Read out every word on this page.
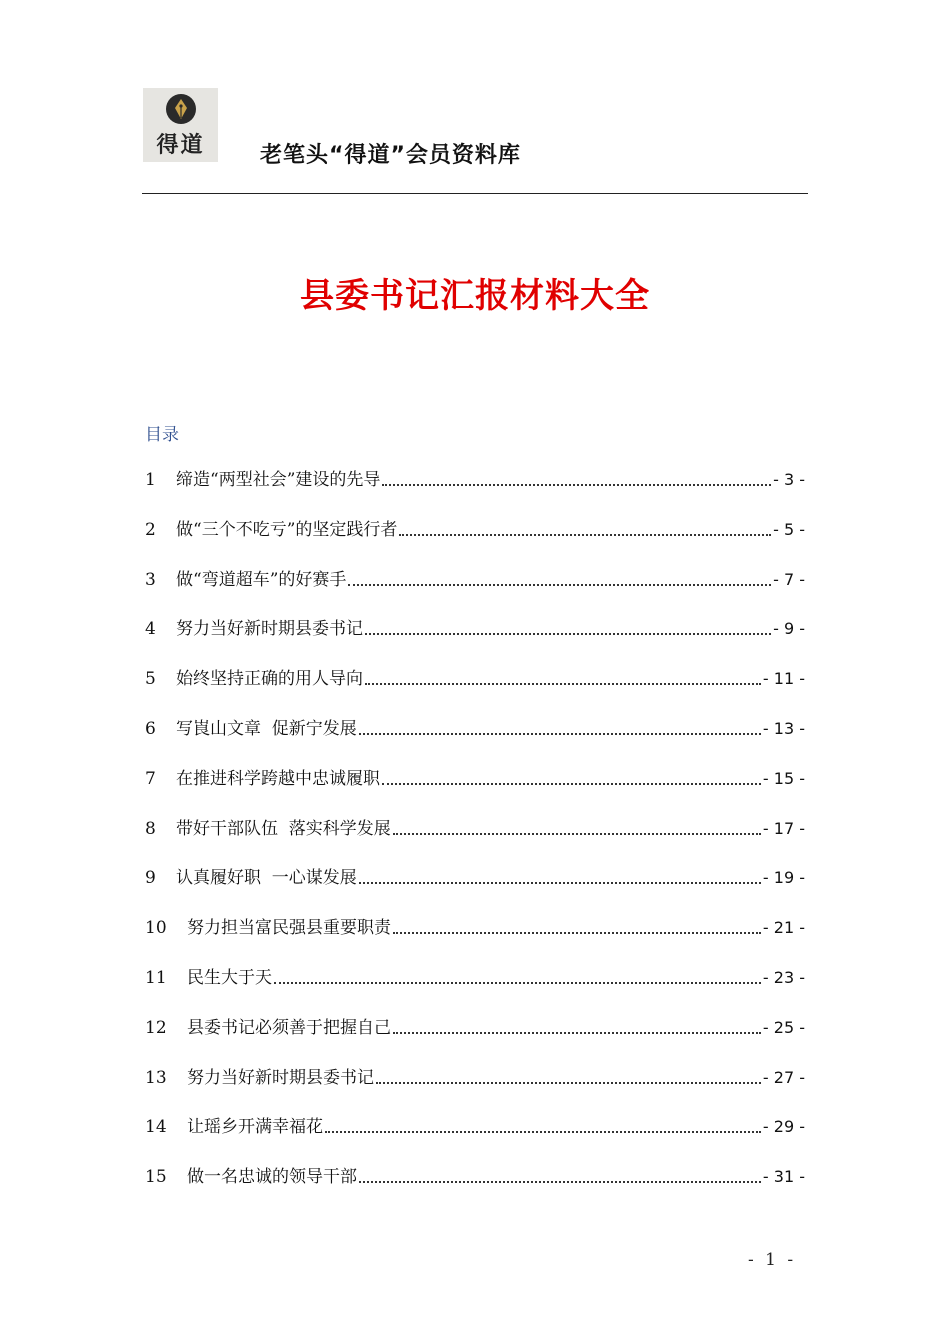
得道	老笔头“得道”会员资料库
县委书记汇报材料大全
目录
1	缔造“两型社会”建设的先导	- 3 -
2	做“三个不吃亏”的坚定践行者	- 5 -
3	做“弯道超车”的好赛手	- 7 -
4	努力当好新时期县委书记	- 9 -
5	始终坚持正确的用人导向	- 11 -
6	写崀山文章  促新宁发展	- 13 -
7	在推进科学跨越中忠诚履职	- 15 -
8	带好干部队伍  落实科学发展	- 17 -
9	认真履好职  一心谋发展	- 19 -
10	努力担当富民强县重要职责	- 21 -
11	民生大于天	- 23 -
12	县委书记必须善于把握自己	- 25 -
13	努力当好新时期县委书记	- 27 -
14	让瑶乡开满幸福花	- 29 -
15	做一名忠诚的领导干部	- 31 -
- 1 -
